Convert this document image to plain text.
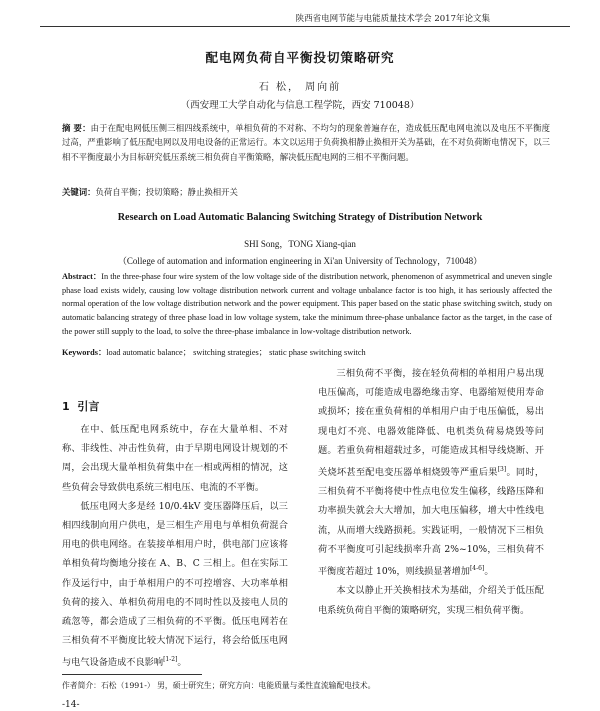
陕西省电网节能与电能质量技术学会 2017年论文集
配电网负荷自平衡投切策略研究
石 松， 周向前
（西安理工大学自动化与信息工程学院，西安 710048）

摘 要：由于在配电网低压侧三相四线系统中，单相负荷的不对称、不均匀的现象普遍存在，造成低压配电网电流以及电压不平衡度过高，严重影响了低压配电网以及用电设备的正常运行。本文以运用于负荷换相静止换相开关为基础，在不对负荷断电情况下，以三相不平衡度最小为目标研究低压系统三相负荷自平衡策略，解决低压配电网的三相不平衡问题。

关键词：负荷自平衡；投切策略；静止换相开关
Research on Load Automatic Balancing Switching Strategy of Distribution Network
SHI Song，TONG Xiang-qian
（College of automation and information engineering in Xi'an University of Technology，710048）

Abstract：In the three-phase four wire system of the low voltage side of the distribution network, phenomenon of asymmetrical and uneven single phase load exists widely, causing low voltage distribution network current and voltage unbalance factor is too high, it has seriously affected the normal operation of the low voltage distribution network and the power equipment. This paper based on the static phase switching switch, study on automatic balancing strategy of three phase load in low voltage system, take the minimum three-phase unbalance factor as the target, in the case of the power still supply to the load, to solve the three-phase imbalance in low-voltage distribution network.

Keywords：load automatic balance； switching strategies； static phase switching switch
1 引言

在中、低压配电网系统中，存在大量单相、不对称、非线性、冲击性负荷，由于早期电网设计规划的不周，会出现大量单相负荷集中在一相或两相的情况，这些负荷会导致供电系统三相电压、电流的不平衡。

低压电网大多是经 10/0.4kV 变压器降压后，以三相四线制向用户供电，是三相生产用电与单相负荷混合用电的供电网络。在装接单相用户时，供电部门应该将单相负荷均衡地分接在 A、B、C 三相上。但在实际工作及运行中，由于单相用户的不可控增容、大功率单相负荷的接入、单相负荷用电的不同时性以及接电人员的疏忽等，都会造成了三相负荷的不平衡。低压电网若在三相负荷不平衡度比较大情况下运行，将会给低压电网与电气设备造成不良影响[1-2]。

三相负荷不平衡，接在轻负荷相的单相用户易出现电压偏高，可能造成电器绝缘击穿、电器缩短使用寿命或损坏；接在重负荷相的单相用户由于电压偏低，易出现电灯不亮、电器效能降低、电机类负荷易烧毁等问题。若重负荷相超载过多，可能造成其相导线烧断、开关烧坏甚至配电变压器单相烧毁等严重后果[3]。同时，三相负荷不平衡将使中性点电位发生偏移，线路压降和功率损失就会大大增加，加大电压偏移，增大中性线电流，从而增大线路损耗。实践证明，一般情况下三相负荷不平衡度可引起线损率升高 2%~10%，三相负荷不平衡度若超过 10%，则线损显著增加[4-6]。

本文以静止开关换相技术为基础，介绍关于低压配电系统负荷自平衡的策略研究，实现三相负荷平衡。

作者简介：石松（1991-） 男，硕士研究生；研究方向：电能质量与柔性直流输配电技术。
-14-
